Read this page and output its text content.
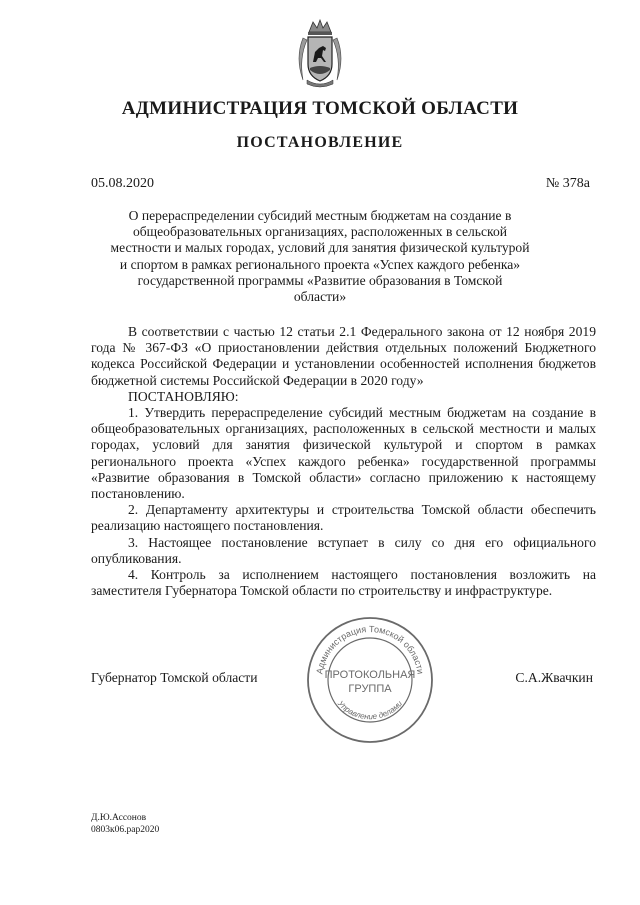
АДМИНИСТРАЦИЯ ТОМСКОЙ ОБЛАСТИ
ПОСТАНОВЛЕНИЕ
05.08.2020	№ 378а
О перераспределении субсидий местным бюджетам на создание в общеобразовательных организациях, расположенных в сельской местности и малых городах, условий для занятия физической культурой и спортом в рамках регионального проекта «Успех каждого ребенка» государственной программы «Развитие образования в Томской области»

В соответствии с частью 12 статьи 2.1 Федерального закона от 12 ноября 2019 года № 367-ФЗ «О приостановлении действия отдельных положений Бюджетного кодекса Российской Федерации и установлении особенностей исполнения бюджетов бюджетной системы Российской Федерации в 2020 году»

ПОСТАНОВЛЯЮ:

1. Утвердить перераспределение субсидий местным бюджетам на создание в общеобразовательных организациях, расположенных в сельской местности и малых городах, условий для занятия физической культурой и спортом в рамках регионального проекта «Успех каждого ребенка» государственной программы «Развитие образования в Томской области» согласно приложению к настоящему постановлению.

2. Департаменту архитектуры и строительства Томской области обеспечить реализацию настоящего постановления.

3. Настоящее постановление вступает в силу со дня его официального опубликования.

4. Контроль за исполнением настоящего постановления возложить на заместителя Губернатора Томской области по строительству и инфраструктуре.

Губернатор Томской области	С.А.Жвачкин
Администрация Томской области
Управление делами
ПРОТОКОЛЬНАЯ
ГРУППА
Д.Ю.Ассонов
0803к06.рар2020
